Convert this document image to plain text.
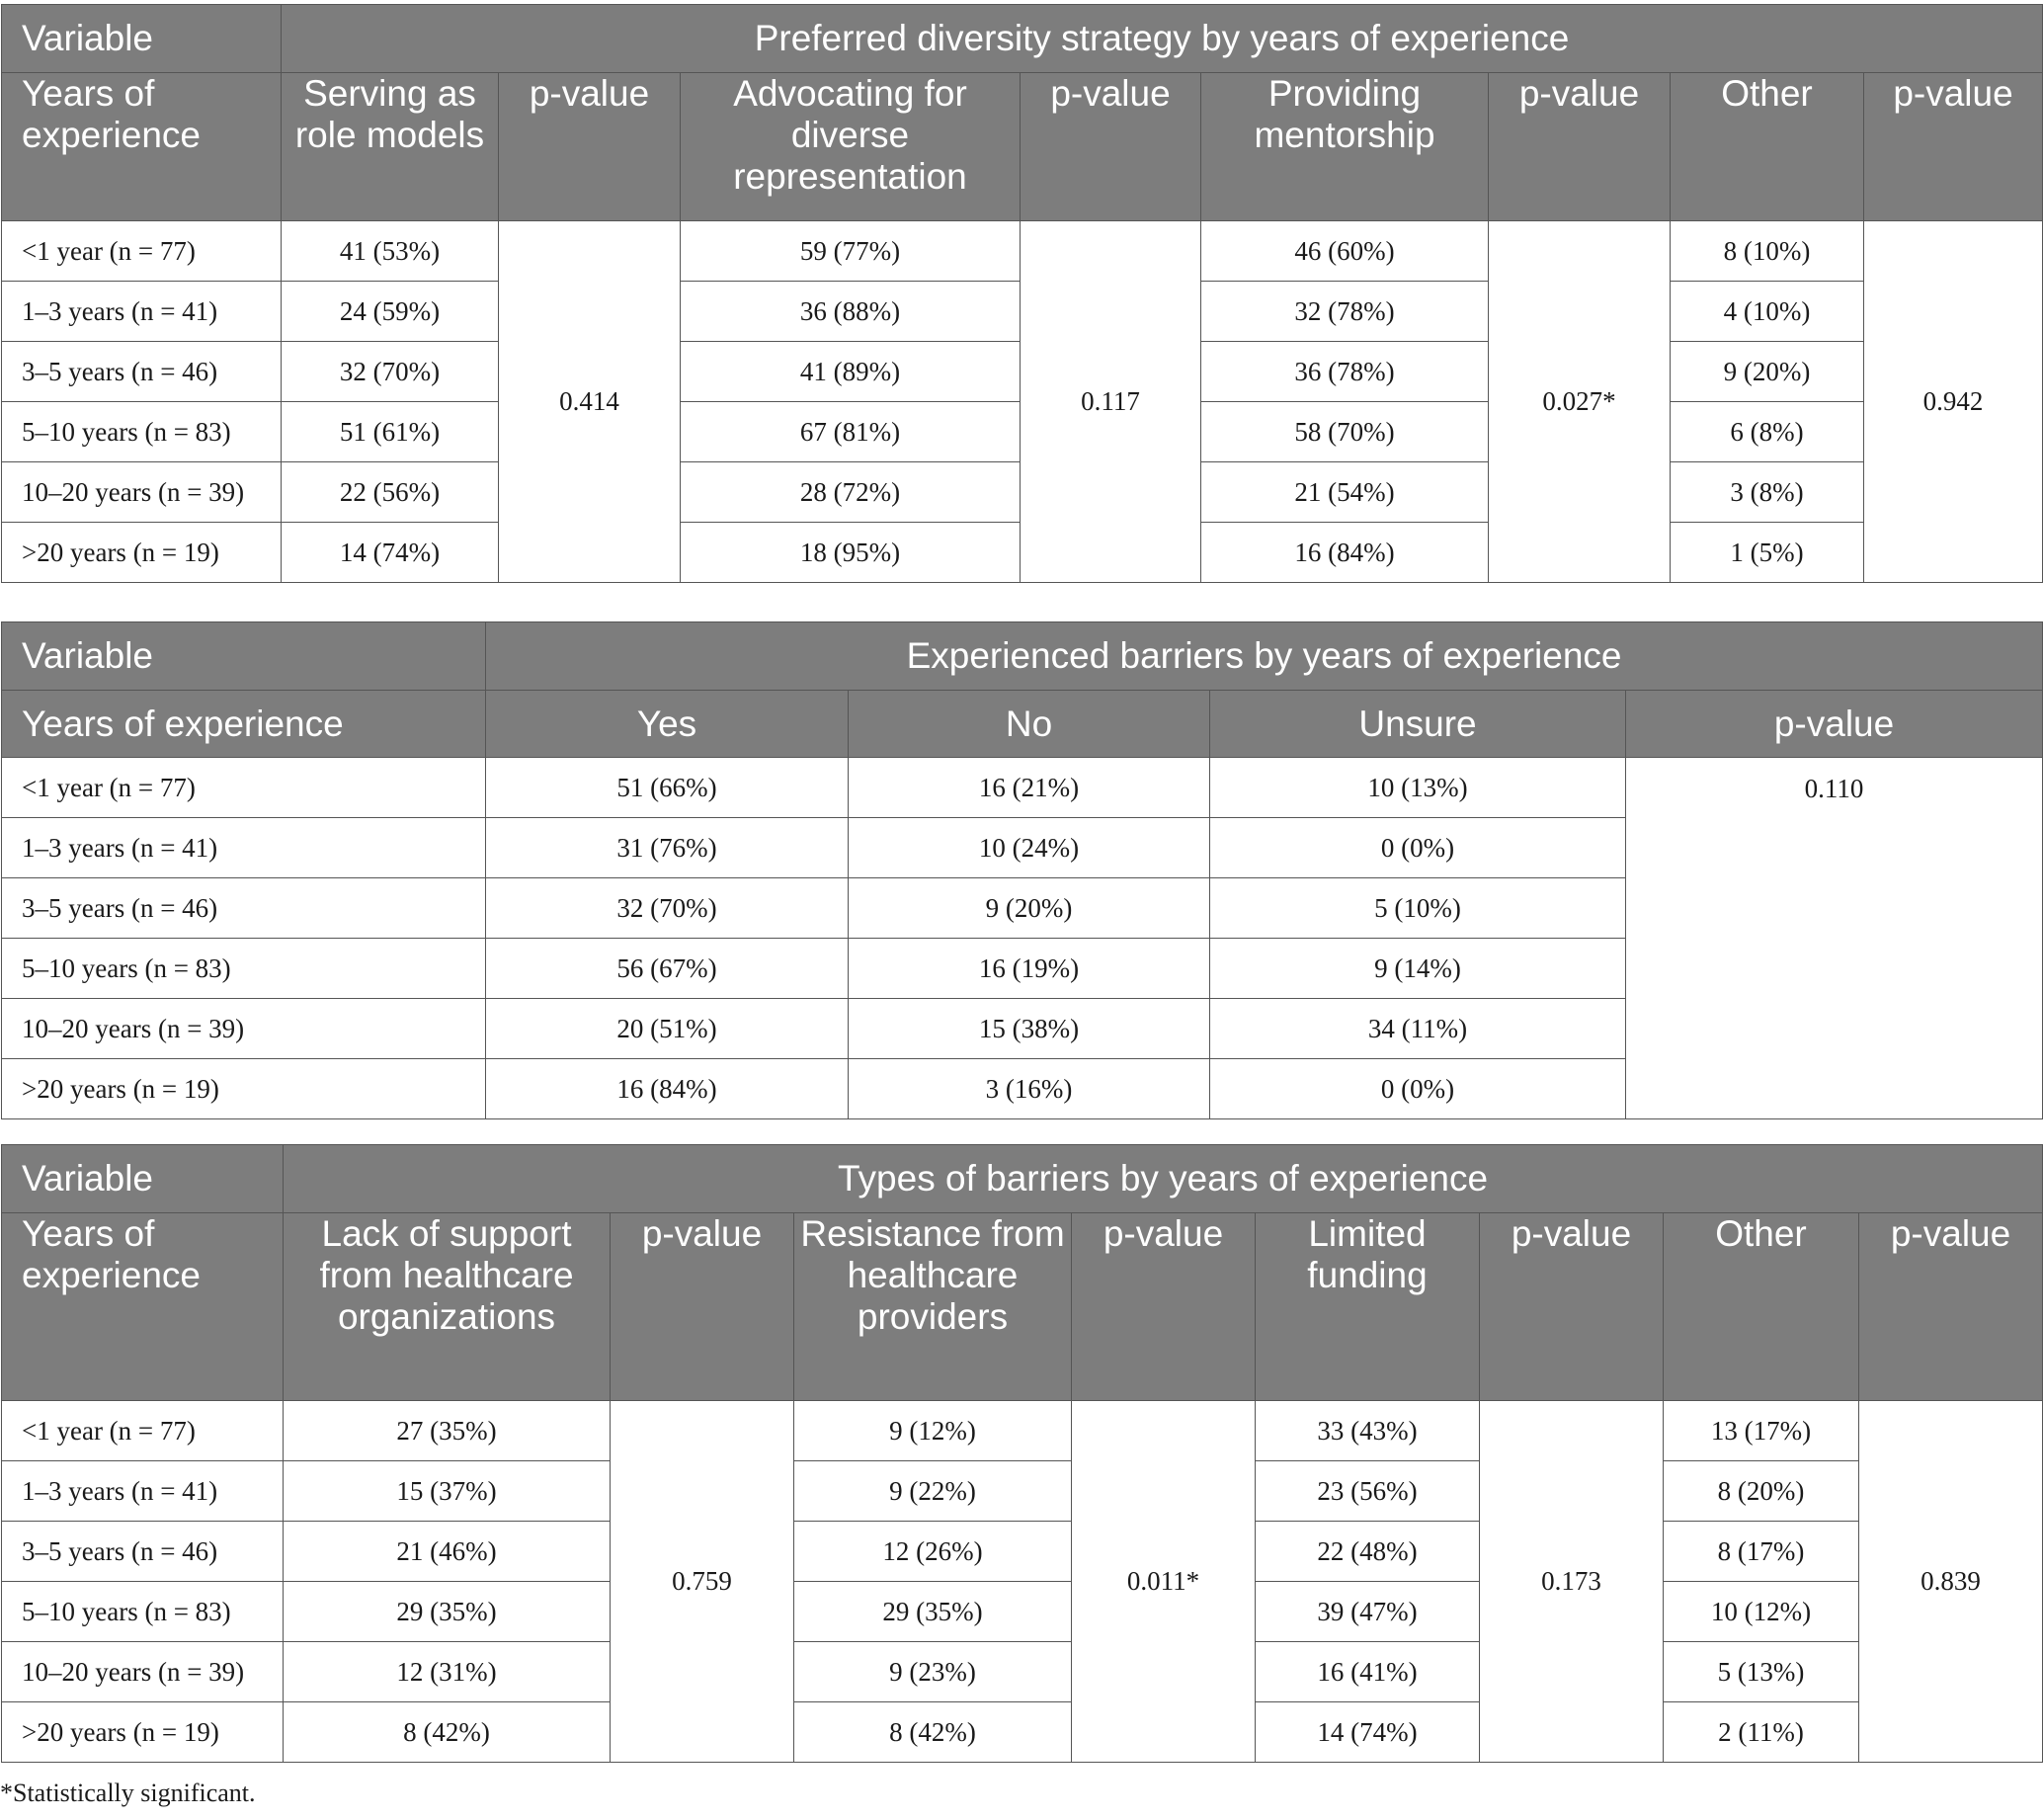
Variable	Preferred diversity strategy by years of experience							
Years of experience	Serving as role models	p-value	Advocating for diverse representation	p-value	Providing mentorship	p-value	Other	p-value
<1 year (n = 77)	41 (53%)	0.414	59 (77%)	0.117	46 (60%)	0.027*	8 (10%)	0.942
1–3 years (n = 41)	24 (59%)		36 (88%)		32 (78%)		4 (10%)	
3–5 years (n = 46)	32 (70%)		41 (89%)		36 (78%)		9 (20%)	
5–10 years (n = 83)	51 (61%)		67 (81%)		58 (70%)		6 (8%)	
10–20 years (n = 39)	22 (56%)		28 (72%)		21 (54%)		3 (8%)	
>20 years (n = 19)	14 (74%)		18 (95%)		16 (84%)		1 (5%)	
Variable	Experienced barriers by years of experience			
Years of experience	Yes	No	Unsure	p-value
<1 year (n = 77)	51 (66%)	16 (21%)	10 (13%)	0.110
1–3 years (n = 41)	31 (76%)	10 (24%)	0 (0%)	
3–5 years (n = 46)	32 (70%)	9 (20%)	5 (10%)	
5–10 years (n = 83)	56 (67%)	16 (19%)	9 (14%)	
10–20 years (n = 39)	20 (51%)	15 (38%)	34 (11%)	
>20 years (n = 19)	16 (84%)	3 (16%)	0 (0%)	
Variable	Types of barriers by years of experience							
Years of experience	Lack of support from healthcare organizations	p-value	Resistance from healthcare providers	p-value	Limited funding	p-value	Other	p-value
<1 year (n = 77)	27 (35%)	0.759	9 (12%)	0.011*	33 (43%)	0.173	13 (17%)	0.839
1–3 years (n = 41)	15 (37%)		9 (22%)		23 (56%)		8 (20%)	
3–5 years (n = 46)	21 (46%)		12 (26%)		22 (48%)		8 (17%)	
5–10 years (n = 83)	29 (35%)		29 (35%)		39 (47%)		10 (12%)	
10–20 years (n = 39)	12 (31%)		9 (23%)		16 (41%)		5 (13%)	
>20 years (n = 19)	8 (42%)		8 (42%)		14 (74%)		2 (11%)	
*Statistically significant.
